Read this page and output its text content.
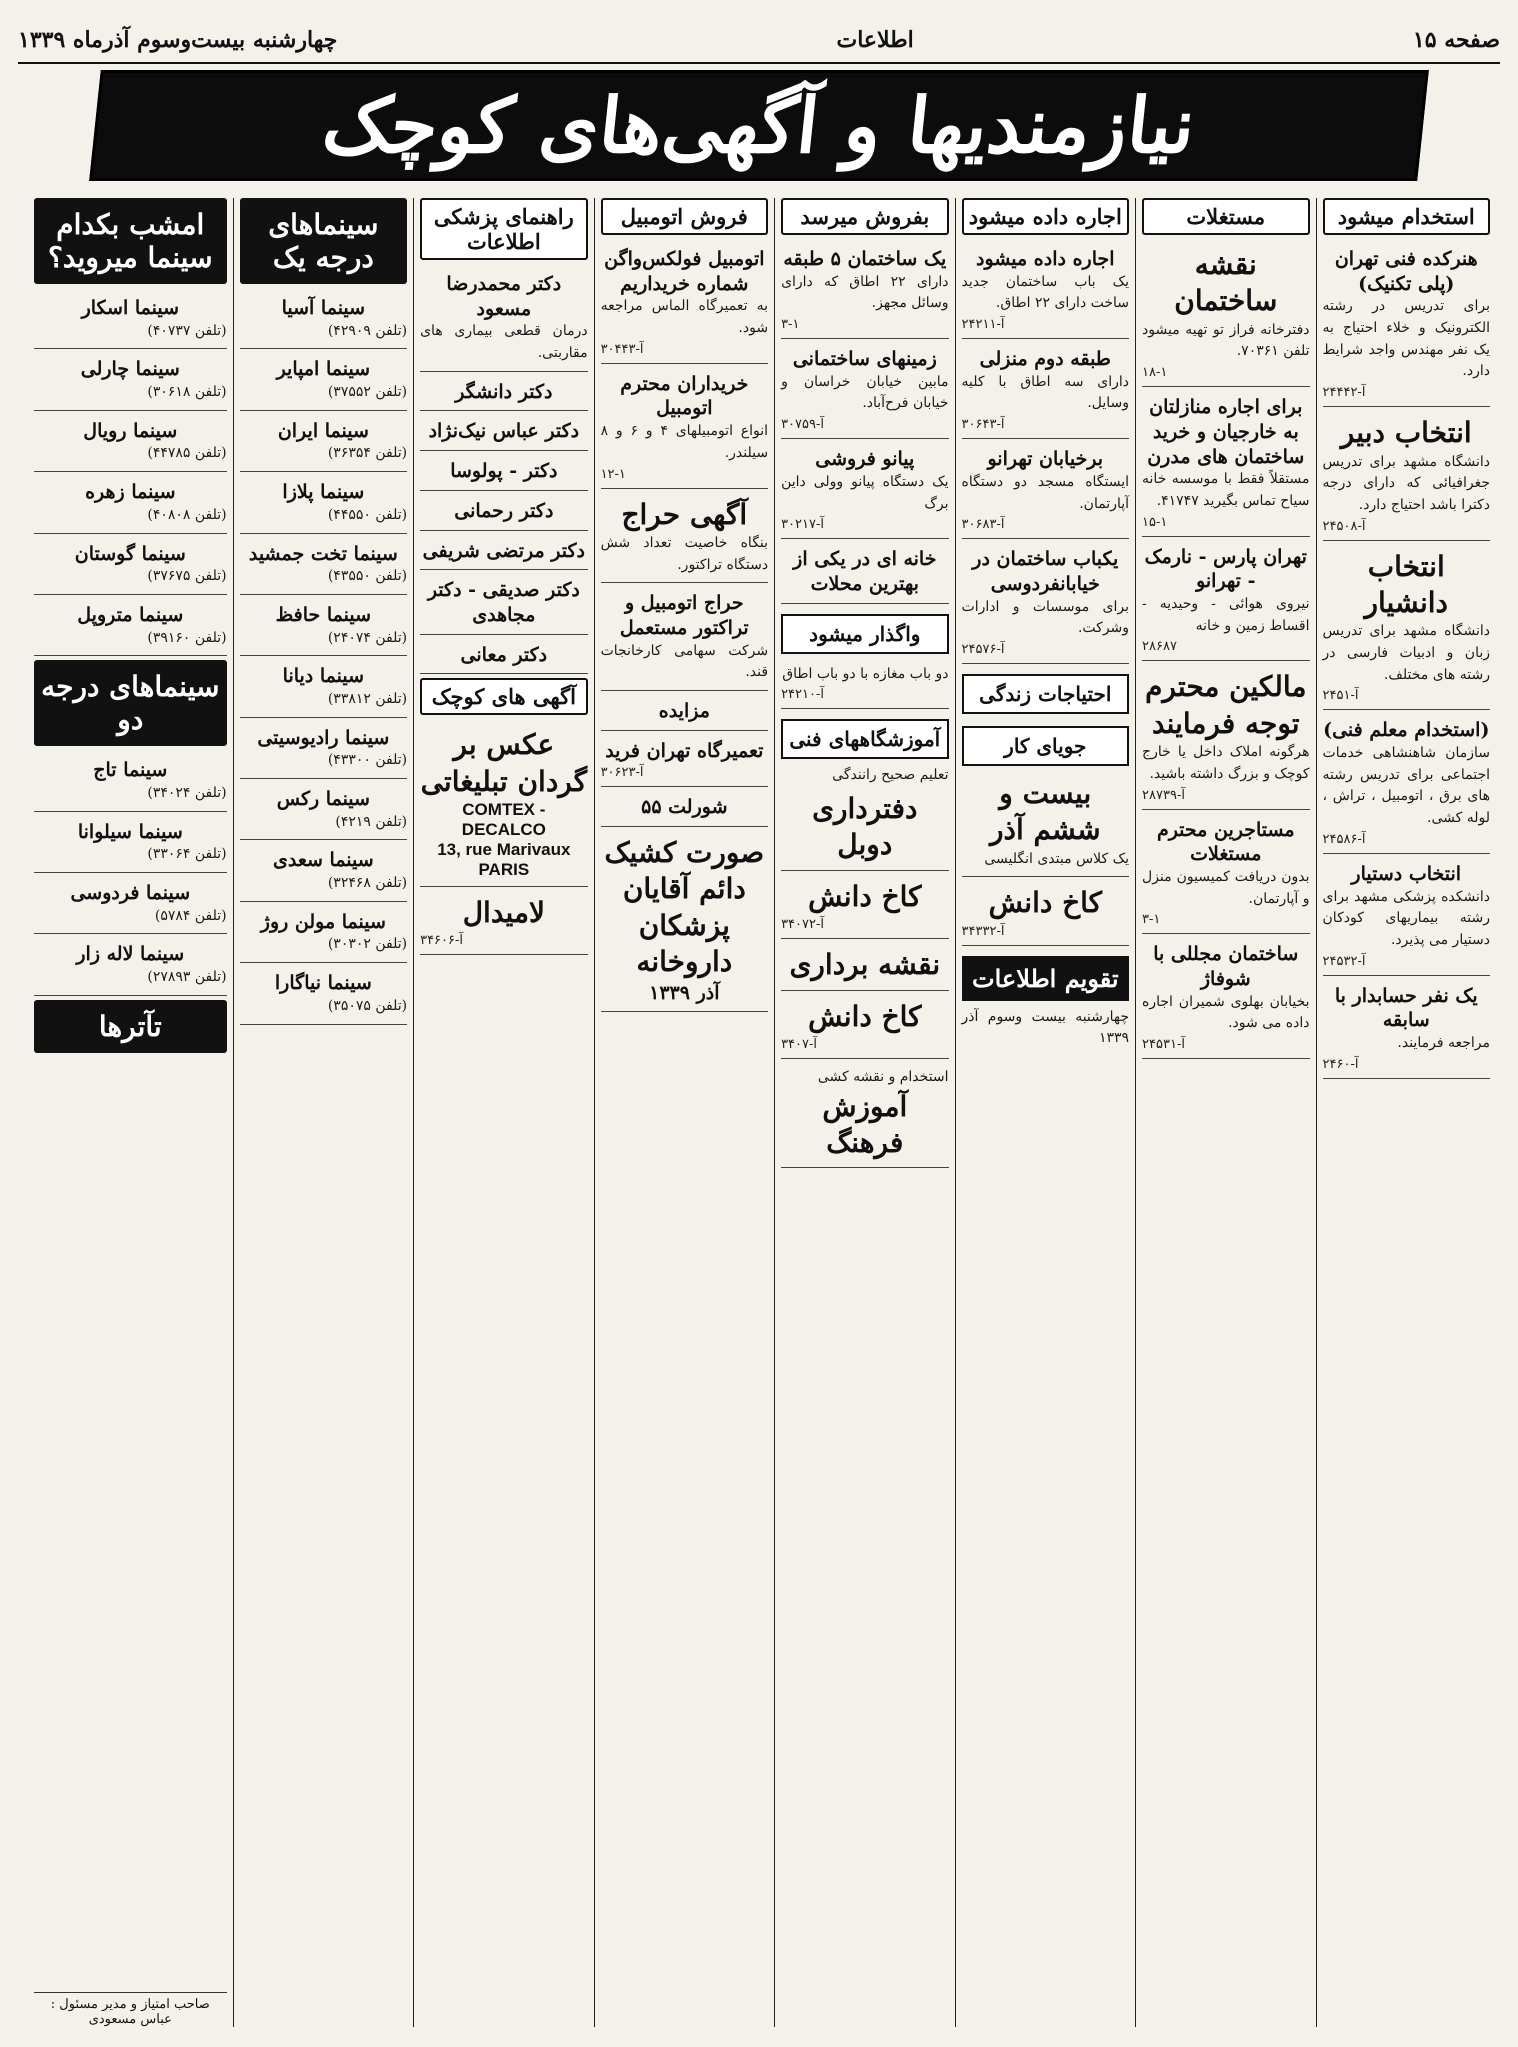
صفحه ۱۵
اطلاعات
چهارشنبه بیست‌وسوم آذرماه ۱۳۳۹
نیازمندیها و آگهی‌های کوچک
استخدام میشود
هنرکده فنی تهران (پلی تکنیک)
برای تدریس در رشته الکترونیک و خلاء احتیاج به یک نفر مهندس واجد شرایط دارد.
آ-۲۴۴۴۲
انتخاب دبیر
دانشگاه مشهد برای تدریس جغرافیائی که دارای درجه دکترا باشد احتیاج دارد.
آ-۲۴۵۰۸
انتخاب دانشیار
دانشگاه مشهد برای تدریس زبان و ادبیات فارسی در رشته های مختلف.
آ-۲۴۵۱
(استخدام معلم فنی)
سازمان شاهنشاهی خدمات اجتماعی برای تدریس رشته های برق ، اتومبیل ، تراش ، لوله کشی.
آ-۲۴۵۸۶
انتخاب دستیار
دانشکده پزشکی مشهد برای رشته بیماریهای کودکان دستیار می پذیرد.
آ-۲۴۵۳۲
یک نفر حسابدار با سابقه
مراجعه فرمایند.
آ-۲۴۶۰
مستغلات
نقشه ساختمان
دفترخانه فراز تو تهیه میشود تلفن ۷۰۳۶۱.
۱۸-۱
برای اجاره منازلتان به خارجیان و خرید ساختمان های مدرن
مستقلاً فقط با موسسه خانه سیاح تماس بگیرید ۴۱۷۴۷.
۱۵-۱
تهران پارس - نارمک - تهرانو
نیروی هوائی - وحیدیه - اقساط زمین و خانه
۲۸۶۸۷
مالکین محترم توجه فرمایند
هرگونه املاک داخل یا خارج کوچک و بزرگ داشته باشید.
آ-۲۸۷۳۹
مستاجرین محترم مستغلات
بدون دریافت کمیسیون منزل و آپارتمان.
۳-۱
ساختمان مجللی با شوفاژ
بخیابان بهلوی شمیران اجاره داده می شود.
آ-۲۴۵۳۱
اجاره داده میشود
اجاره داده میشود
یک باب ساختمان جدید ساخت دارای ۲۲ اطاق.
آ-۲۴۲۱۱
طبقه دوم منزلی
دارای سه اطاق با کلیه وسایل.
آ-۳۰۶۴۳
برخیابان تهرانو
ایستگاه مسجد دو دستگاه آپارتمان.
آ-۳۰۶۸۳
یکباب ساختمان در خیابانفردوسی
برای موسسات و ادارات وشرکت.
آ-۲۴۵۷۶
احتیاجات زندگی
جویای کار
بیست و ششم آذر
یک کلاس مبتدی انگلیسی
کاخ دانش
آ-۳۴۳۳۲
تقویم اطلاعات
چهارشنبه بیست وسوم آذر ۱۳۳۹
بفروش میرسد
یک ساختمان ۵ طبقه
دارای ۲۲ اطاق که دارای وسائل مجهز.
۳-۱
زمینهای ساختمانی
مابین خیابان خراسان و خیابان فرح‌آباد.
آ-۳۰۷۵۹
پیانو فروشی
یک دستگاه پیانو وولی داین برگ
آ-۳۰۲۱۷
خانه ای در یکی از بهترین محلات
واگذار میشود
دو باب مغازه با دو باب اطاق
آ-۲۴۲۱۰
آموزشگاههای فنی
تعلیم صحیح رانندگی
دفترداری دوبل
کاخ دانش
آ-۳۴۰۷۲
نقشه برداری
کاخ دانش
آ-۳۴۰۷
استخدام و نقشه کشی
آموزش فرهنگ
فروش اتومبیل
اتومبیل فولکس‌واگن شماره خریداریم
به تعمیرگاه الماس مراجعه شود.
آ-۳۰۴۴۳
خریداران محترم اتومبیل
انواع اتومبیلهای ۴ و ۶ و ۸ سیلندر.
۱۲-۱
آگهی حراج
بنگاه خاصیت تعداد شش دستگاه تراکتور.
حراج اتومبیل و تراکتور مستعمل
شرکت سهامی کارخانجات قند.
مزایده
تعمیرگاه تهران فرید
آ-۳۰۶۲۳
شورلت ۵۵
صورت کشیک دائم آقایان پزشکان داروخانه
آذر ۱۳۳۹
راهنمای پزشکی اطلاعات
دکتر محمدرضا مسعود
درمان قطعی بیماری های مقاربتی.
دکتر دانشگر
دکتر عباس نیک‌نژاد
دکتر - پولوسا
دکتر رحمانی
دکتر مرتضی شریفی
دکتر صدیقی - دکتر مجاهدی
دکتر معانی
آگهی های کوچک
عکس بر گردان تبلیغاتی
COMTEX - DECALCO
13, rue Marivaux PARIS
لامیدال
آ-۳۴۶۰۶
سینماهای درجه یک
سینما آسیا
(تلفن ۴۲۹۰۹)
سینما امپایر
(تلفن ۳۷۵۵۲)
سینما ایران
(تلفن ۳۶۳۵۴)
سینما پلازا
(تلفن ۴۴۵۵۰)
سینما تخت جمشید
(تلفن ۴۳۵۵۰)
سینما حافظ
(تلفن ۲۴۰۷۴)
سینما دیانا
(تلفن ۳۳۸۱۲)
سینما رادیوسیتی
(تلفن ۴۳۳۰۰)
سینما رکس
(تلفن ۴۲۱۹)
سینما سعدی
(تلفن ۳۲۴۶۸)
سینما مولن روژ
(تلفن ۳۰۳۰۲)
سینما نیاگارا
(تلفن ۳۵۰۷۵)
امشب بکدام سینما میروید؟
سینما اسکار
(تلفن ۴۰۷۳۷)
سینما چارلی
(تلفن ۳۰۶۱۸)
سینما رویال
(تلفن ۴۴۷۸۵)
سینما زهره
(تلفن ۴۰۸۰۸)
سینما گوستان
(تلفن ۳۷۶۷۵)
سینما متروپل
(تلفن ۳۹۱۶۰)
سینماهای درجه دو
سینما تاج
(تلفن ۳۴۰۲۴)
سینما سیلوانا
(تلفن ۳۳۰۶۴)
سینما فردوسی
(تلفن ۵۷۸۴)
سینما لاله زار
(تلفن ۲۷۸۹۳)
تآترها
صاحب امتیاز و مدیر مسئول : عباس مسعودی
